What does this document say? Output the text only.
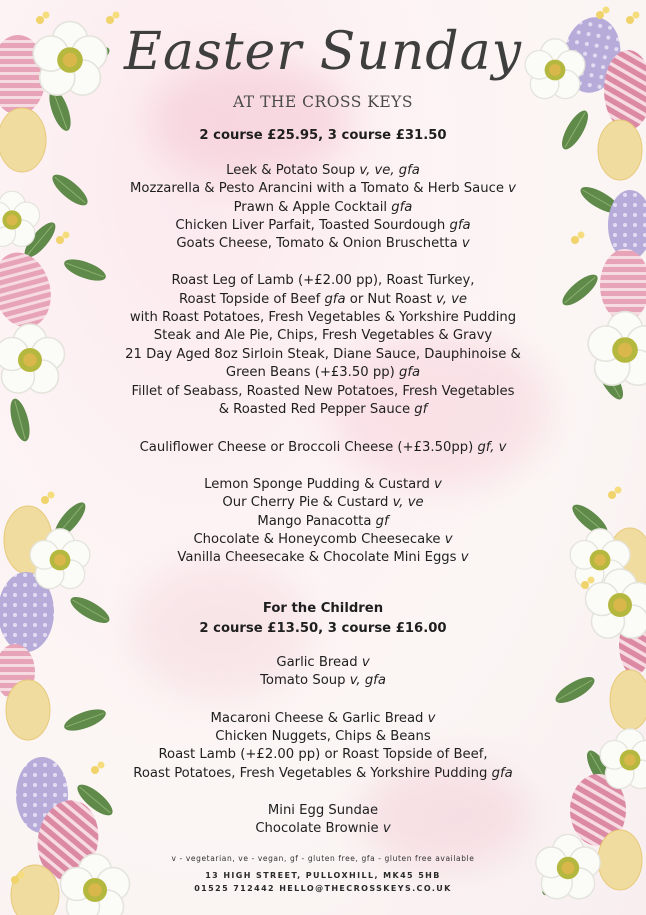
Easter Sunday
AT THE CROSS KEYS
2 course £25.95, 3 course £31.50
Leek & Potato Soup v, ve, gfa
Mozzarella & Pesto Arancini with a Tomato & Herb Sauce v
Prawn & Apple Cocktail gfa
Chicken Liver Parfait, Toasted Sourdough gfa
Goats Cheese, Tomato & Onion Bruschetta v
Roast Leg of Lamb (+£2.00 pp), Roast Turkey,
Roast Topside of Beef gfa or Nut Roast v, ve
with Roast Potatoes, Fresh Vegetables & Yorkshire Pudding
Steak and Ale Pie, Chips, Fresh Vegetables & Gravy
21 Day Aged 8oz Sirloin Steak, Diane Sauce, Dauphinoise &
Green Beans (+£3.50 pp) gfa
Fillet of Seabass, Roasted New Potatoes, Fresh Vegetables
& Roasted Red Pepper Sauce gf
Cauliflower Cheese or Broccoli Cheese (+£3.50pp) gf, v
Lemon Sponge Pudding & Custard v
Our Cherry Pie & Custard v, ve
Mango Panacotta gf
Chocolate & Honeycomb Cheesecake v
Vanilla Cheesecake & Chocolate Mini Eggs v
For the Children
2 course £13.50, 3 course £16.00
Garlic Bread v
Tomato Soup v, gfa
Macaroni Cheese & Garlic Bread v
Chicken Nuggets, Chips & Beans
Roast Lamb (+£2.00 pp) or Roast Topside of Beef,
Roast Potatoes, Fresh Vegetables & Yorkshire Pudding gfa
Mini Egg Sundae
Chocolate Brownie v
v - vegetarian, ve - vegan, gf - gluten free, gfa - gluten free available
13 HIGH STREET, PULLOXHILL, MK45 5HB
01525 712442 HELLO@THECROSSKEYS.CO.UK
